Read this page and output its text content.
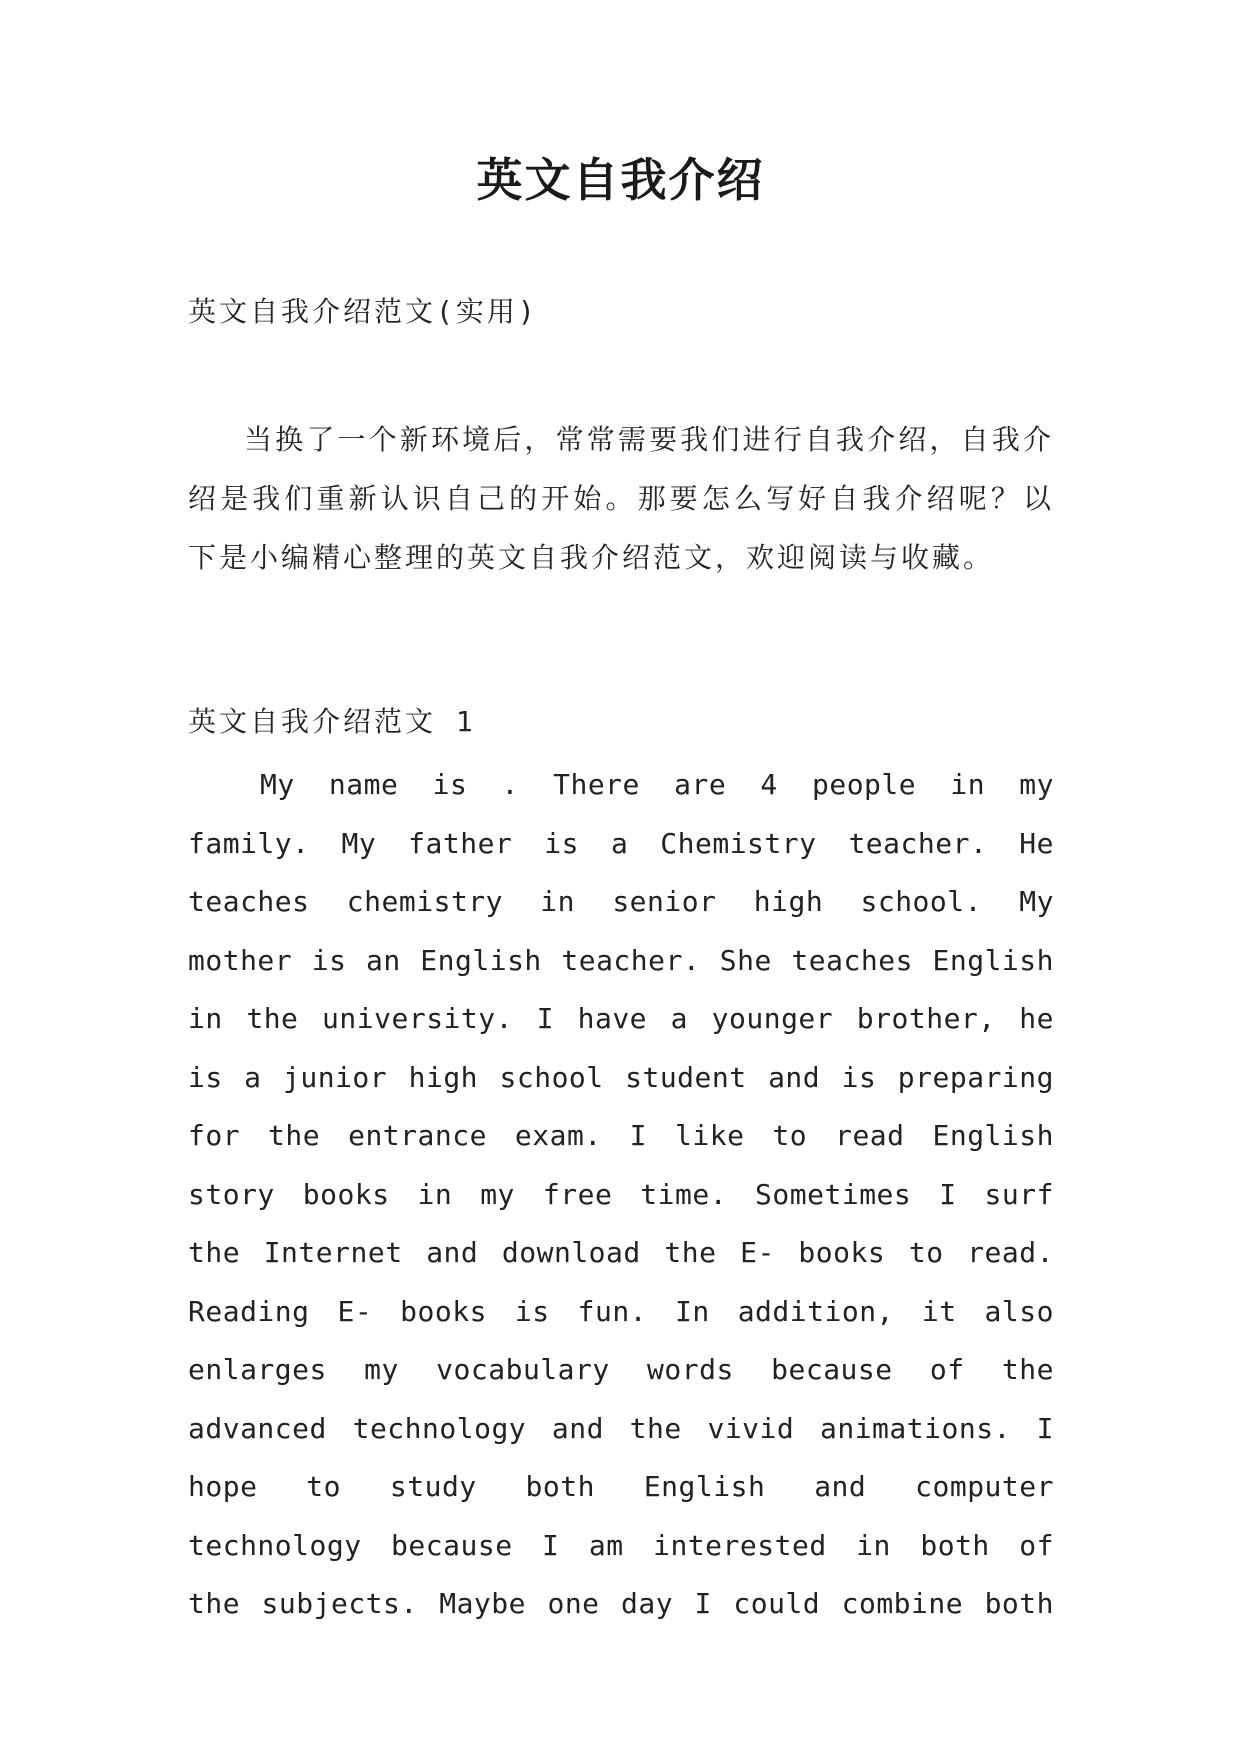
英文自我介绍
英文自我介绍范文(实用)
当换了一个新环境后，常常需要我们进行自我介绍，自我介绍是我们重新认识自己的开始。那要怎么写好自我介绍呢？以下是小编精心整理的英文自我介绍范文，欢迎阅读与收藏。
英文自我介绍范文 1
My name is . There are 4 people in my family. My father is a Chemistry teacher. He teaches chemistry in senior high school. My mother is an English teacher. She teaches English in the university. I have a younger brother, he is a junior high school student and is preparing for the entrance exam. I like to read English story books in my free time. Sometimes I surf the Internet and download the E- books to read. Reading E- books is fun. In addition, it also enlarges my vocabulary words because of the advanced technology and the vivid animations. I hope to study both English and computer technology because I am interested in both of the subjects. Maybe one day I could combine both
